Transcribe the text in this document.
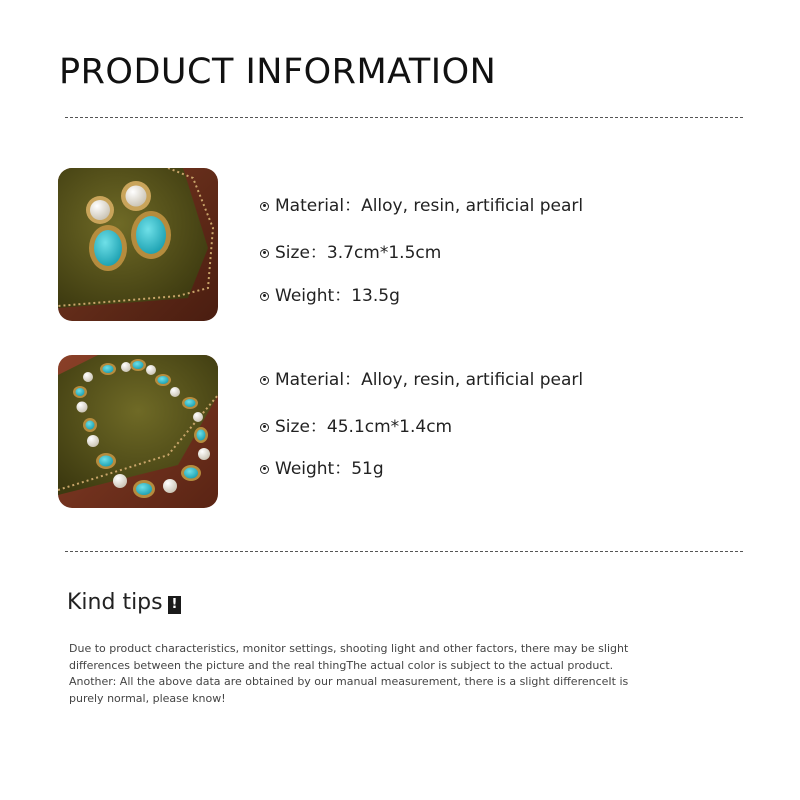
PRODUCT INFORMATION
Material ： Alloy, resin, artificial pearl
Size ： 3.7cm*1.5cm
Weight ： 13.5g
Material ： Alloy, resin, artificial pearl
Size ： 45.1cm*1.4cm
Weight ： 51g
Kind tips !
Due to product characteristics, monitor settings, shooting light and other factors, there may be slight differences between the picture and the real thingThe actual color is subject to the actual product. Another: All the above data are obtained by our manual measurement, there is a slight differenceIt is purely normal, please know!
